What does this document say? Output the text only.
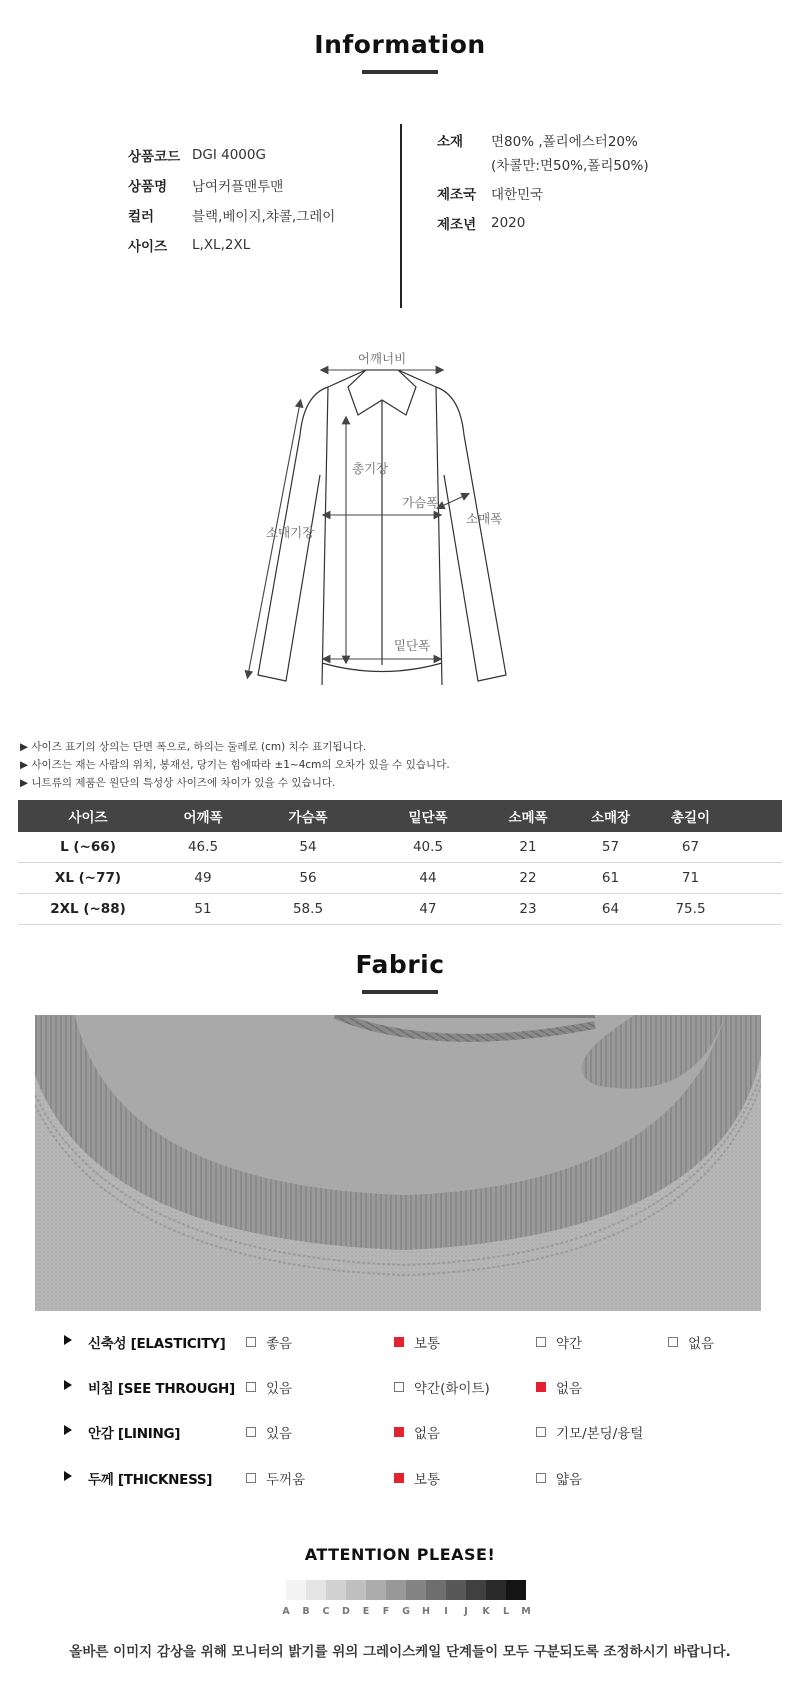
Information
상품코드 DGI 4000G
상품명	남여커플맨투맨
컬러	블랙,베이지,챠콜,그레이
사이즈	L,XL,2XL
소재	면80% ,폴리에스터20%
(차콜만:면50%,폴리50%)
제조국	대한민국
제조년	2020
어깨너비
총기장
가슴폭
소매폭
소매기장
밑단폭
▶ 사이즈 표기의 상의는 단면 폭으로, 하의는 둘레로 (cm) 치수 표기됩니다.
▶ 사이즈는 재는 사람의 위치, 봉재선, 당기는 힘에따라 ±1~4cm의 오차가 있을 수 있습니다.
▶ 니트류의 제품은 원단의 특성상 사이즈에 차이가 있을 수 있습니다.
사이즈	어깨폭	가슴폭	밑단폭	소메폭	소매장	총길이	
L (~66)	46.5	54	40.5	21	57	67	
XL (~77)	49	56	44	22	61	71	
2XL (~88)	51	58.5	47	23	64	75.5	
Fabric
신축성 [ELASTICITY]	좋음	보통	약간	없음
비침 [SEE THROUGH] 있음	약간(화이트)	없음
안감 [LINING]	있음	없음	기모/본딩/융털
두께 [THICKNESS]	두꺼움	보통	얇음
ATTENTION PLEASE!
A	B	C	D	E	F	G	H	I	J	K	L	M
올바른 이미지 감상을 위해 모니터의 밝기를 위의 그레이스케일 단계들이 모두 구분되도록 조정하시기 바랍니다.
